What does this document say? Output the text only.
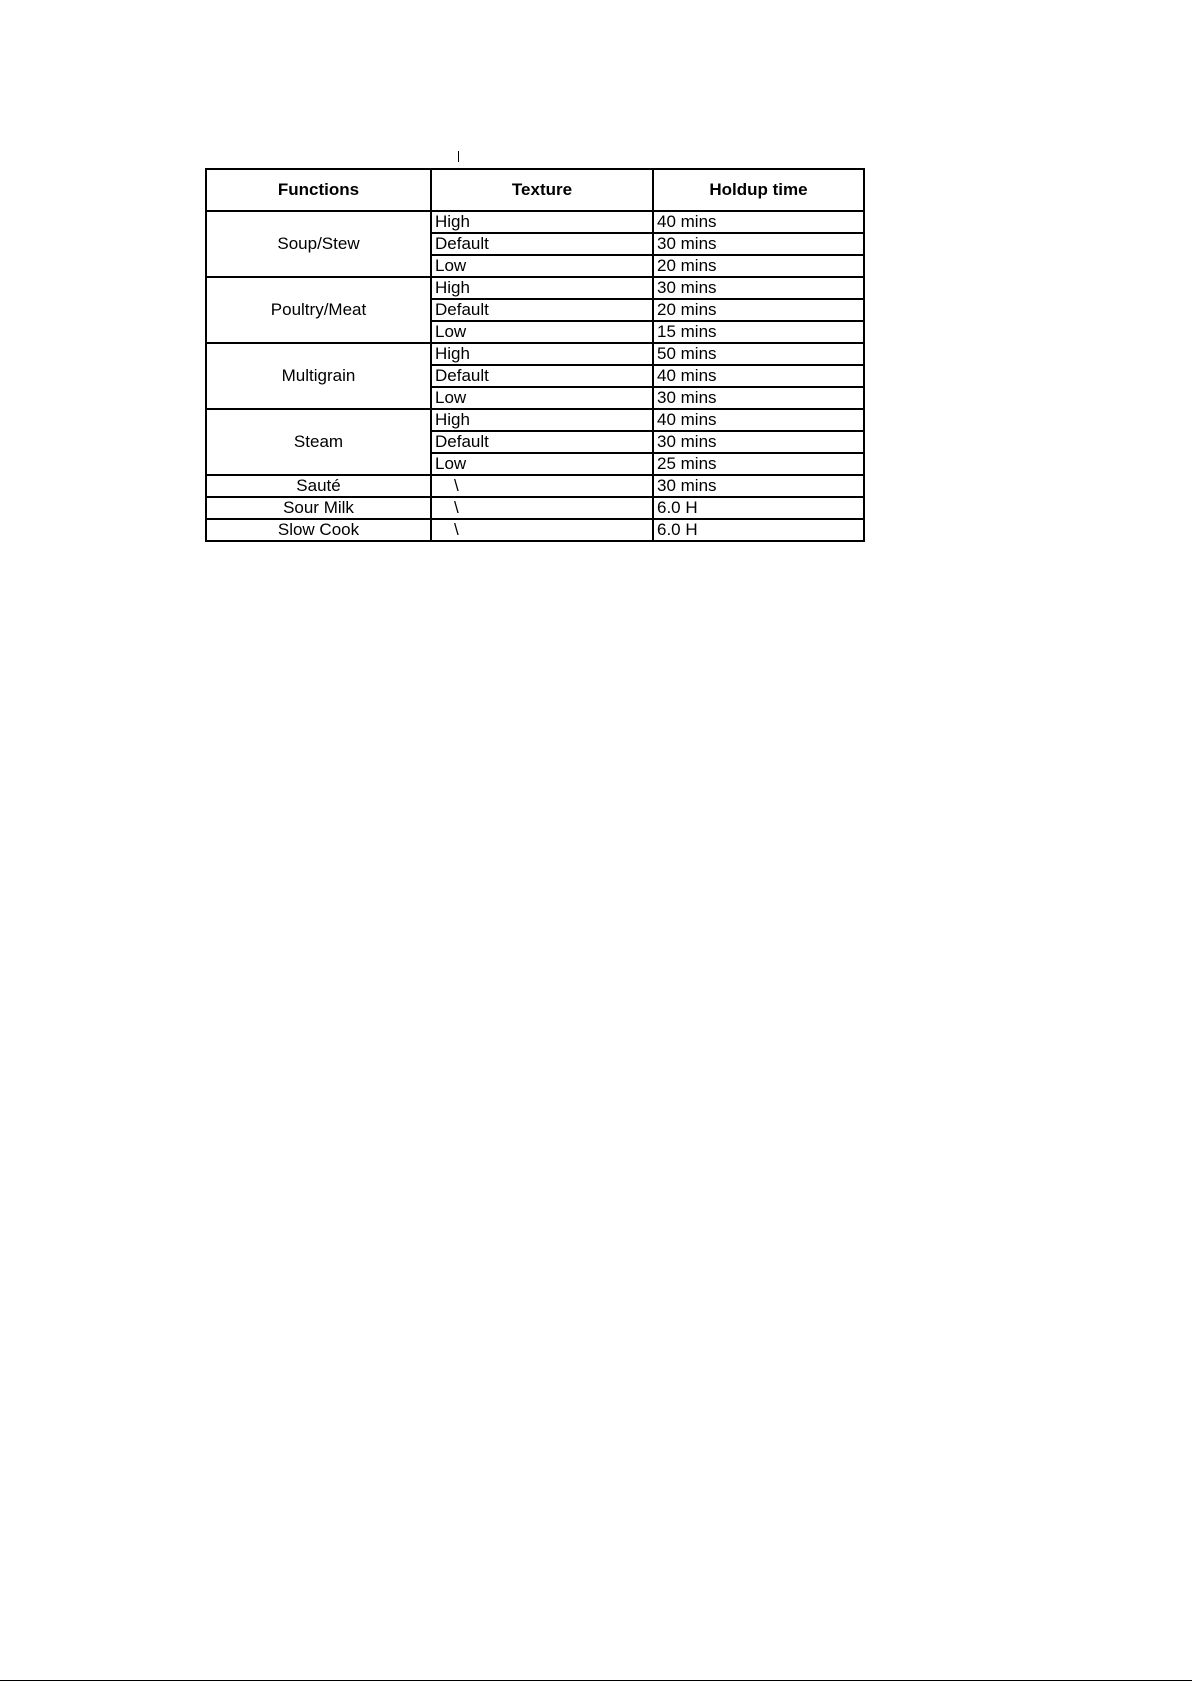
Functions	Texture	Holdup time
Soup/Stew	High	40 mins
	Default	30 mins
	Low	20 mins
Poultry/Meat	High	30 mins
	Default	20 mins
	Low	15 mins
Multigrain	High	50 mins
	Default	40 mins
	Low	30 mins
Steam	High	40 mins
	Default	30 mins
	Low	25 mins
Sauté	\	30 mins
Sour Milk	\	6.0 H
Slow Cook	\	6.0 H
